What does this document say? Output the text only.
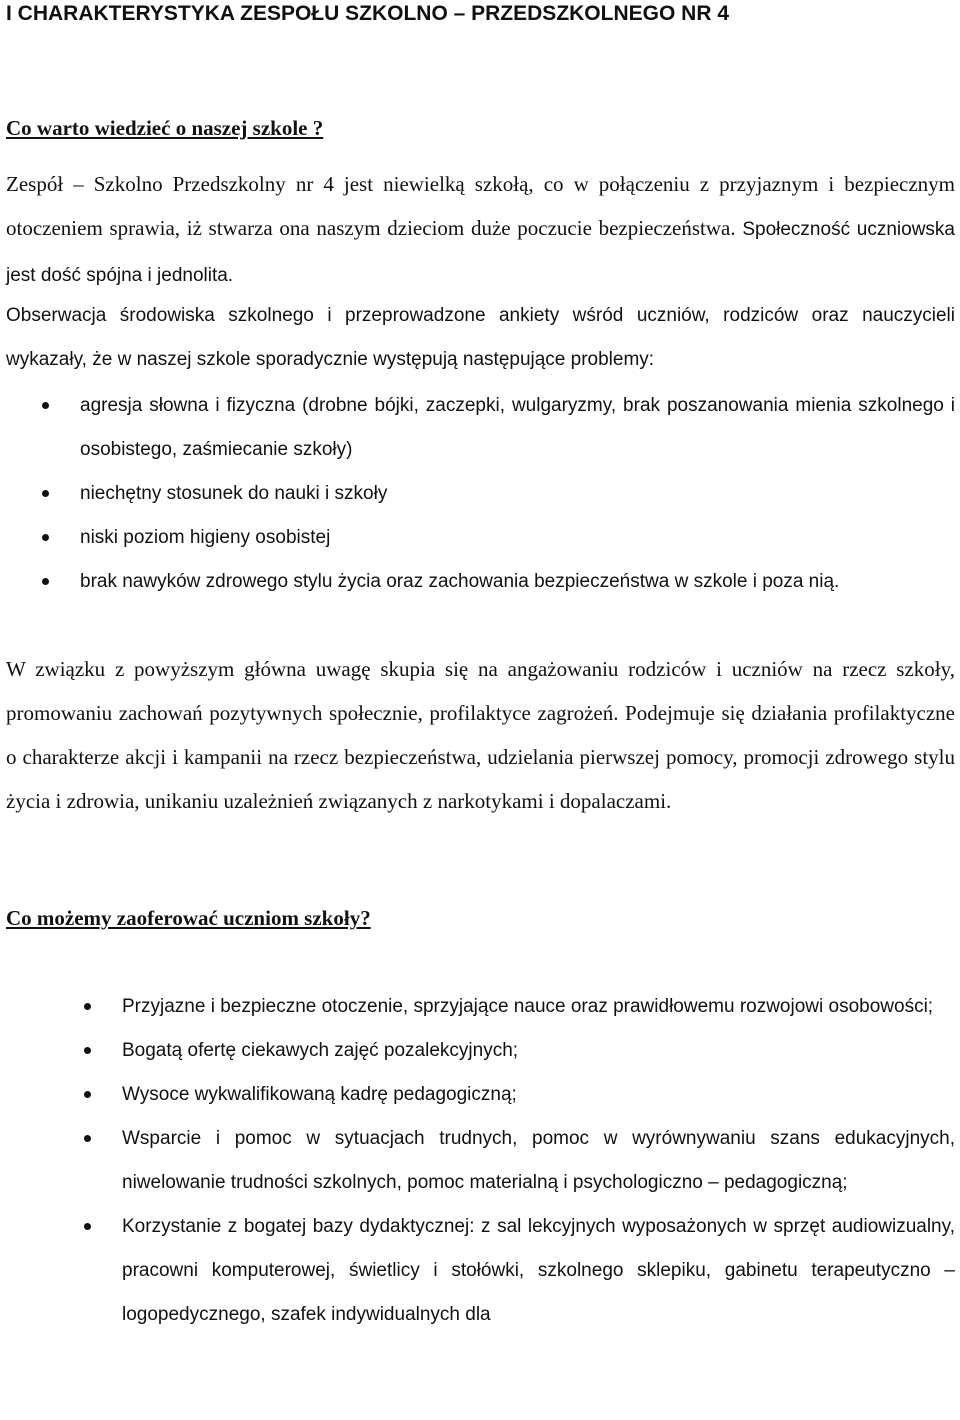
I CHARAKTERYSTYKA ZESPOŁU SZKOLNO – PRZEDSZKOLNEGO NR 4
Co warto wiedzieć o naszej szkole ?

Zespół – Szkolno Przedszkolny nr 4 jest niewielką szkołą, co w połączeniu z przyjaznym i bezpiecznym otoczeniem sprawia, iż stwarza ona naszym dzieciom duże poczucie bezpieczeństwa. Społeczność uczniowska jest dość spójna i jednolita.

Obserwacja środowiska szkolnego i przeprowadzone ankiety wśród uczniów, rodziców oraz nauczycieli wykazały, że w naszej szkole sporadycznie występują następujące problemy:

agresja słowna i fizyczna (drobne bójki, zaczepki, wulgaryzmy, brak poszanowania mienia szkolnego i osobistego, zaśmiecanie szkoły)
niechętny stosunek do nauki i szkoły
niski poziom higieny osobistej
brak nawyków zdrowego stylu życia oraz zachowania bezpieczeństwa w szkole i poza nią.

W związku z powyższym główna uwagę skupia się na angażowaniu rodziców i uczniów na rzecz szkoły, promowaniu zachowań pozytywnych społecznie, profilaktyce zagrożeń. Podejmuje się działania profilaktyczne o charakterze akcji i kampanii na rzecz bezpieczeństwa, udzielania pierwszej pomocy, promocji zdrowego stylu życia i zdrowia, unikaniu uzależnień związanych z narkotykami i dopalaczami.

Co możemy zaoferować uczniom szkoły?
Przyjazne i bezpieczne otoczenie, sprzyjające nauce oraz prawidłowemu rozwojowi osobowości;
Bogatą ofertę ciekawych zajęć pozalekcyjnych;
Wysoce wykwalifikowaną kadrę pedagogiczną;
Wsparcie i pomoc w sytuacjach trudnych, pomoc w wyrównywaniu szans edukacyjnych, niwelowanie trudności szkolnych, pomoc materialną i psychologiczno – pedagogiczną;
Korzystanie z bogatej bazy dydaktycznej: z sal lekcyjnych wyposażonych w sprzęt audiowizualny, pracowni komputerowej, świetlicy i stołówki, szkolnego sklepiku, gabinetu terapeutyczno – logopedycznego, szafek indywidualnych dla
